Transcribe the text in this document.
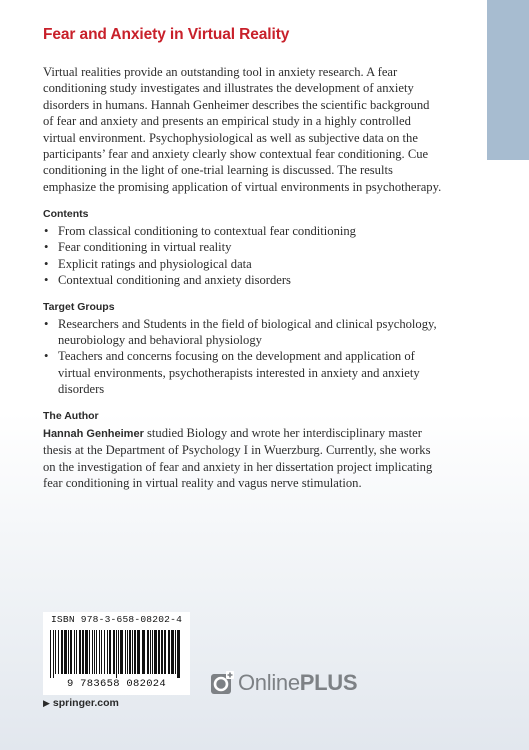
Fear and Anxiety in Virtual Reality

Virtual realities provide an outstanding tool in anxiety research. A fear conditioning study investigates and illustrates the development of anxiety disorders in humans. Hannah Genheimer describes the scientific background of fear and anxiety and presents an empirical study in a highly controlled virtual environment. Psychophysiological as well as subjective data on the participants’ fear and anxiety clearly show contextual fear conditioning. Cue conditioning in the light of one-trial learning is discussed. The results emphasize the promising application of virtual environments in psychotherapy.

Contents
• From classical conditioning to contextual fear conditioning
• Fear conditioning in virtual reality
• Explicit ratings and physiological data
• Contextual conditioning and anxiety disorders
Target Groups
• Researchers and Students in the field of biological and clinical psychology, neurobiology and behavioral physiology
• Teachers and concerns focusing on the development and application of virtual environments, psychotherapists interested in anxiety and anxiety disorders
The Author

Hannah Genheimer studied Biology and wrote her interdisciplinary master thesis at the Department of Psychology I in Wuerzburg. Currently, she works on the investigation of fear and anxiety in her dissertation project implicating fear conditioning in virtual reality and vagus nerve stimulation.

ISBN 978-3-658-08202-4
9 783658 082024
▶ springer.com
Online PLUS
